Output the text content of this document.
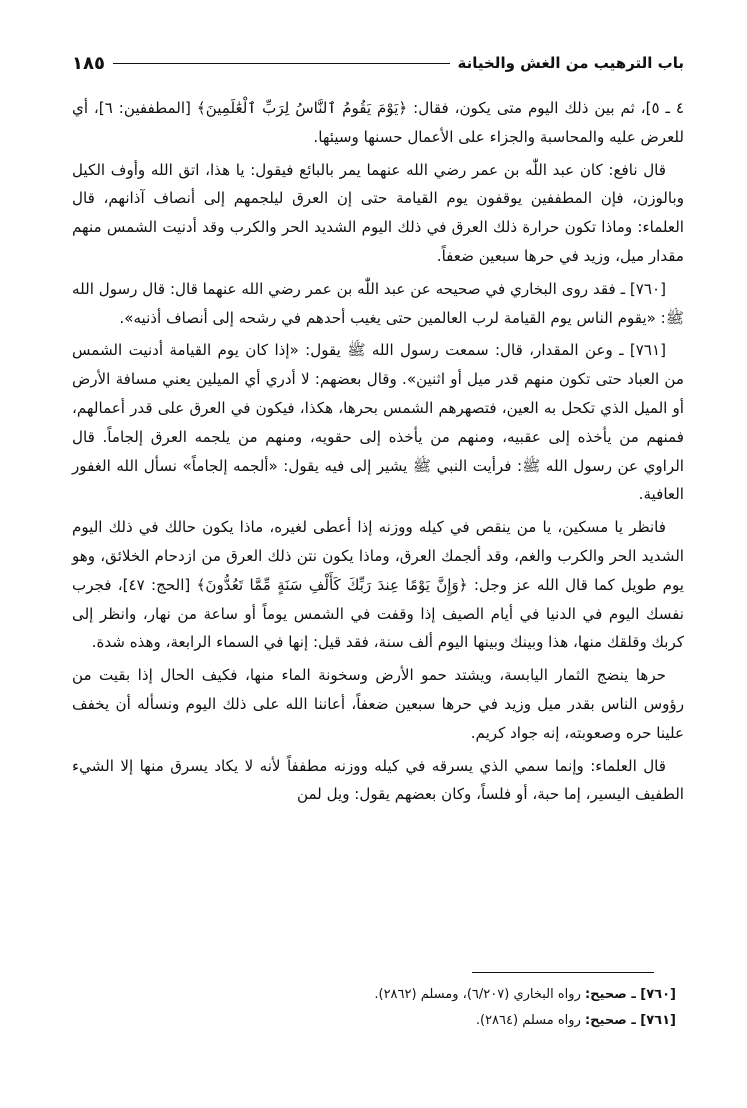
باب الترهيب من الغش والخيانة
١٨٥

٤ ـ ٥]، ثم بين ذلك اليوم متى يكون، فقال: ﴿يَوْمَ يَقُومُ ٱلنَّاسُ لِرَبِّ ٱلْعَٰلَمِينَ﴾ [المطففين: ٦]، أي للعرض عليه والمحاسبة والجزاء على الأعمال حسنها وسيئها.

قال نافع: كان عبد اللّٰه بن عمر رضي الله عنهما يمر بالبائع فيقول: يا هذا، اتق الله وأوف الكيل وبالوزن، فإن المطففين يوقفون يوم القيامة حتى إن العرق ليلجمهم إلى أنصاف آذانهم، قال العلماء: وماذا تكون حرارة ذلك العرق في ذلك اليوم الشديد الحر والكرب وقد أدنيت الشمس منهم مقدار ميل، وزيد في حرها سبعين ضعفاً.

[٧٦٠] ـ فقد روى البخاري في صحيحه عن عبد اللّٰه بن عمر رضي الله عنهما قال: قال رسول الله ﷺ: «يقوم الناس يوم القيامة لرب العالمين حتى يغيب أحدهم في رشحه إلى أنصاف أذنيه».

[٧٦١] ـ وعن المقدار، قال: سمعت رسول الله ﷺ يقول: «إذا كان يوم القيامة أدنيت الشمس من العباد حتى تكون منهم قدر ميل أو اثنين». وقال بعضهم: لا أدري أي الميلين يعني مسافة الأرض أو الميل الذي تكحل به العين، فتصهرهم الشمس بحرها، هكذا، فيكون في العرق على قدر أعمالهم، فمنهم من يأخذه إلى عقبيه، ومنهم من يأخذه إلى حقويه، ومنهم من يلجمه العرق إلجاماً. قال الراوي عن رسول الله ﷺ: فرأيت النبي ﷺ يشير إلى فيه يقول: «ألجمه إلجاماً» نسأل الله الغفور العافية.

فانظر يا مسكين، يا من ينقص في كيله ووزنه إذا أعطى لغيره، ماذا يكون حالك في ذلك اليوم الشديد الحر والكرب والغم، وقد ألجمك العرق، وماذا يكون نتن ذلك العرق من ازدحام الخلائق، وهو يوم طويل كما قال الله عز وجل: ﴿وَإِنَّ يَوْمًا عِندَ رَبِّكَ كَأَلْفِ سَنَةٍ مِّمَّا تَعُدُّونَ﴾ [الحج: ٤٧]، فجرب نفسك اليوم في الدنيا في أيام الصيف إذا وقفت في الشمس يوماً أو ساعة من نهار، وانظر إلى كربك وقلقك منها، هذا وبينك وبينها اليوم ألف سنة، فقد قيل: إنها في السماء الرابعة، وهذه شدة.

حرها ينضج الثمار اليابسة، ويشتد حمو الأرض وسخونة الماء منها، فكيف الحال إذا بقيت من رؤوس الناس بقدر ميل وزيد في حرها سبعين ضعفاً، أعاننا الله على ذلك اليوم ونسأله أن يخفف علينا حره وصعوبته، إنه جواد كريم.

قال العلماء: وإنما سمي الذي يسرقه في كيله ووزنه مطففاً لأنه لا يكاد يسرق منها إلا الشيء الطفيف اليسير، إما حبة، أو فلساً، وكان بعضهم يقول: ويل لمن

[٧٦٠] ـ صحيح: رواه البخاري (٦/٢٠٧)، ومسلم (٢٨٦٢).

[٧٦١] ـ صحيح: رواه مسلم (٢٨٦٤).
